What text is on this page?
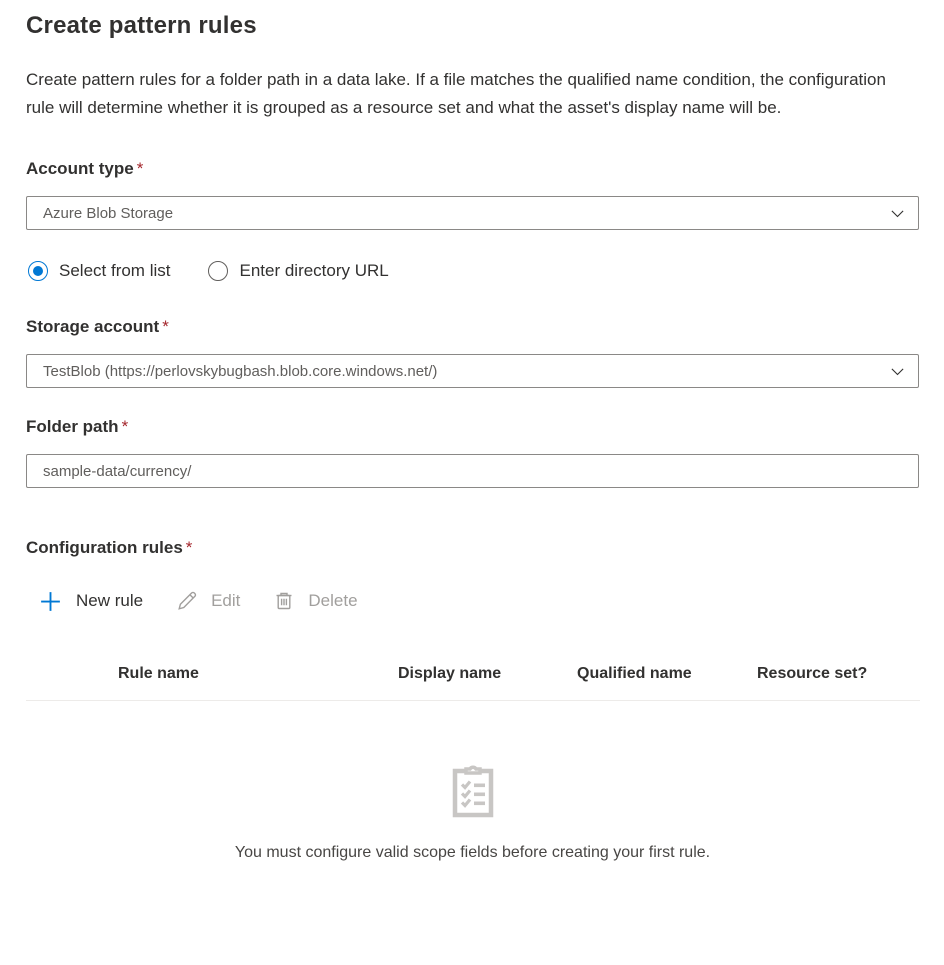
Create pattern rules

Create pattern rules for a folder path in a data lake. If a file matches the qualified name condition, the configuration rule will determine whether it is grouped as a resource set and what the asset's display name will be.

Account type *
Azure Blob Storage
Select from list	Enter directory URL
Storage account *
TestBlob (https://perlovskybugbash.blob.core.windows.net/)
Folder path *
sample-data/currency/
Configuration rules *
New rule	Edit	Delete
Rule name	Display name	Qualified name	Resource set?
You must configure valid scope fields before creating your first rule.
